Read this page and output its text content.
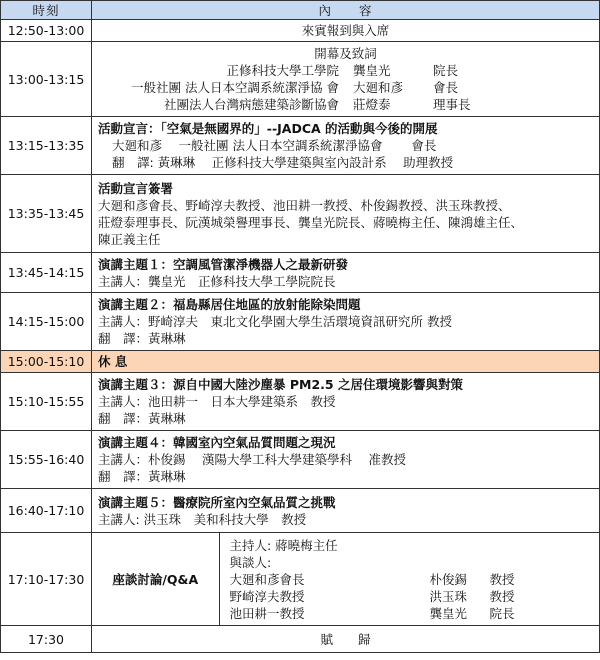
時刻	內　　容
12:50-13:00	來賓報到與入席
13:00-13:15	
開幕及致詞
正修科技大學工學院	龔皇光	院長
一般社團 法人日本空調系統潔淨協 會	大廻和彥	會長
社團法人台灣病態建築診斷協會	莊燈泰	理事長

13:15-13:35	
活動宣言：「空氣是無國界的」--JADCA 的活動與今後的開展
大廻和彥　 一般社團 法人日本空調系統潔淨協會　　 會長
翻　譯: 黃琳琳　 正修科技大學建築與室內設計系　 助理教授

13:35-13:45	
活動宣言簽署
大廻和彥會長、野崎淳夫教授、池田耕一教授、朴俊錫教授、洪玉珠教授、
莊燈泰理事長、阮漢城榮譽理事長、龔皇光院長、蔣曉梅主任、陳鴻雄主任、
陳正義主任

13:45-14:15	
演講主題１：空調風管潔淨機器人之最新研發
主講人：龔皇光　正修科技大學工學院院長

14:15-15:00	
演講主題２：福島縣居住地區的放射能除染問題
主講人：野崎淳夫　東北文化學園大學生活環境資訊研究所 教授
翻　譯：黃琳琳

15:00-15:10	休 息
15:10-15:55	
演講主題３：源自中國大陸沙塵暴 PM2.5 之居住環境影響與對策
主講人：池田耕一　日本大學建築系　教授
翻　譯：黃琳琳

15:55-16:40	
演講主題４：韓國室內空氣品質問題之現況
主講人：朴俊錫　 漢陽大學工科大學建築學科　 准教授
翻　譯：黃琳琳

16:40-17:10	
演講主題５：醫療院所室內空氣品質之挑戰
主講人: 洪玉珠　美和科技大學　教授

17:10-17:30	座談討論/Q&A	
主持人: 蔣曉梅主任
與談人:
大廻和彥會長	朴俊錫	教授
野崎淳夫教授	洪玉珠	教授
池田耕一教授	龔皇光	院長

17:30	賦　　歸
